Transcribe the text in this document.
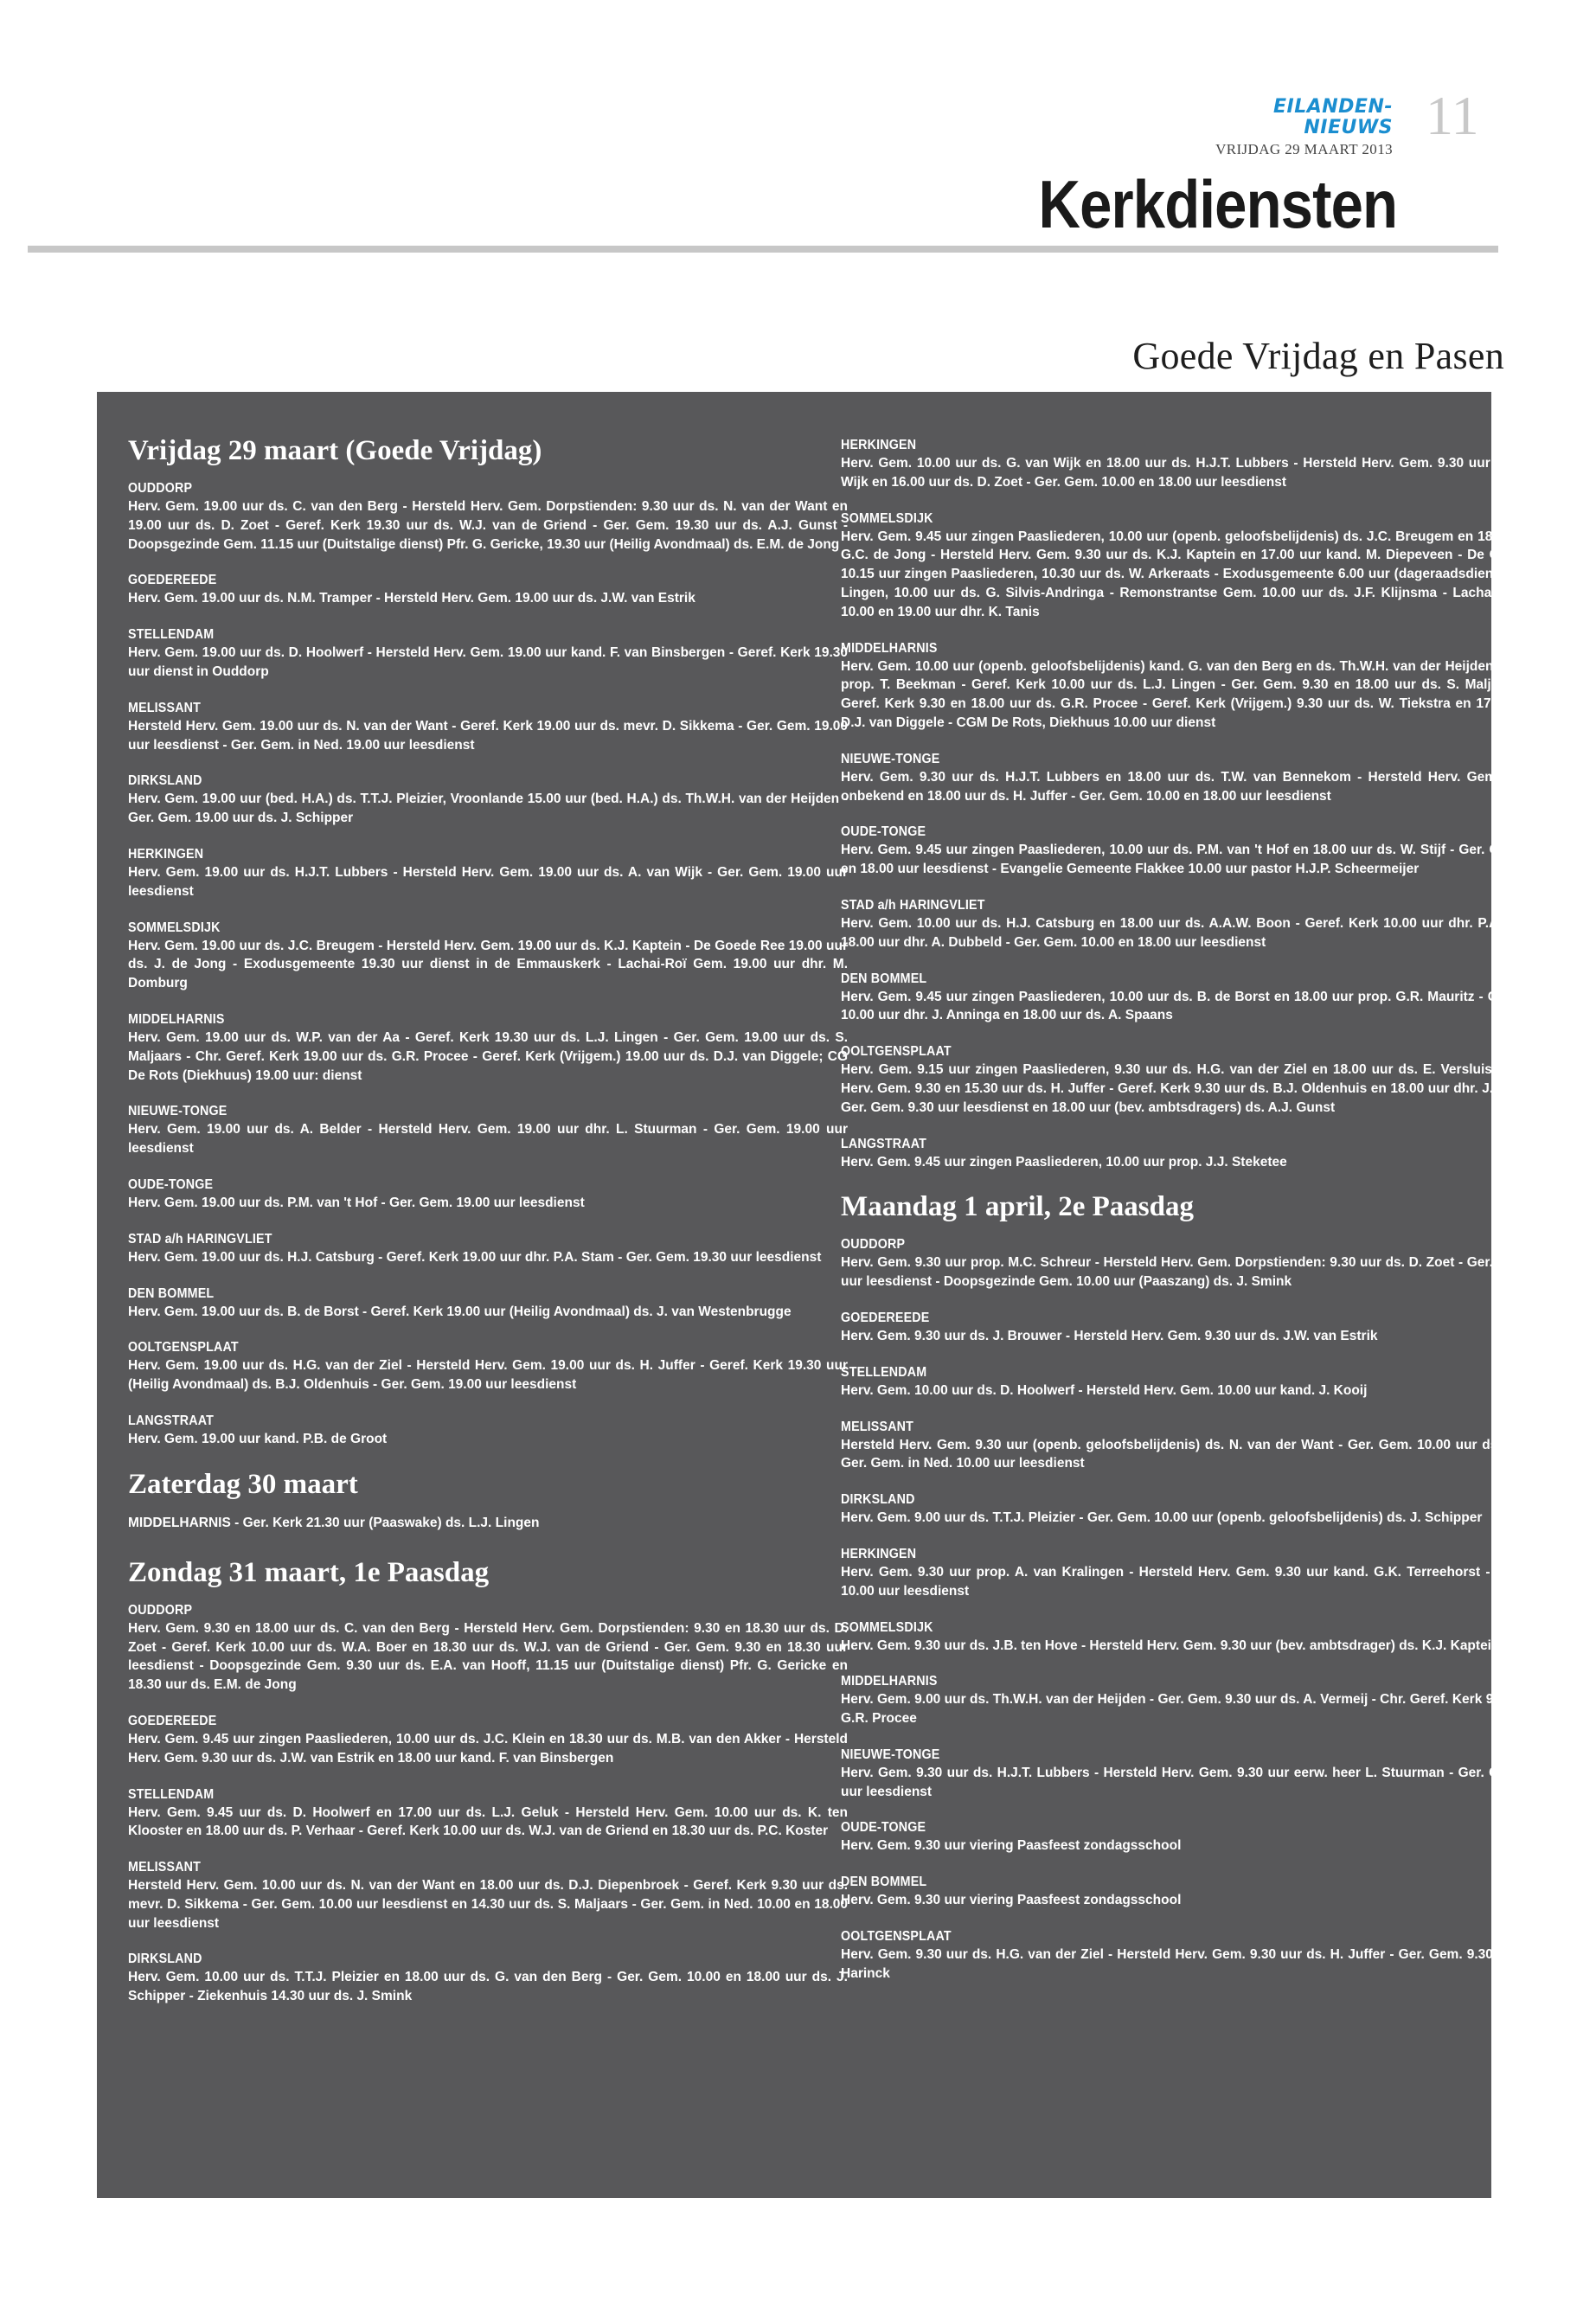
EILANDEN-NIEUWS
VRIJDAG 29 MAART 2013
11
Kerkdiensten
Goede Vrijdag en Pasen
Vrijdag 29 maart (Goede Vrijdag)
OUDDORP
Herv. Gem. 19.00 uur ds. C. van den Berg - Hersteld Herv. Gem. Dorpstienden: 9.30 uur ds. N. van der Want en 19.00 uur ds. D. Zoet - Geref. Kerk 19.30 uur ds. W.J. van de Griend - Ger. Gem. 19.30 uur ds. A.J. Gunst - Doopsgezinde Gem. 11.15 uur (Duitstalige dienst) Pfr. G. Gericke, 19.30 uur (Heilig Avondmaal) ds. E.M. de Jong
GOEDEREEDE
Herv. Gem. 19.00 uur ds. N.M. Tramper - Hersteld Herv. Gem. 19.00 uur ds. J.W. van Estrik
STELLENDAM
Herv. Gem. 19.00 uur ds. D. Hoolwerf - Hersteld Herv. Gem. 19.00 uur kand. F. van Binsbergen - Geref. Kerk 19.30 uur dienst in Ouddorp
MELISSANT
Hersteld Herv. Gem. 19.00 uur ds. N. van der Want - Geref. Kerk 19.00 uur ds. mevr. D. Sikkema - Ger. Gem. 19.00 uur leesdienst - Ger. Gem. in Ned. 19.00 uur leesdienst
DIRKSLAND
Herv. Gem. 19.00 uur (bed. H.A.) ds. T.T.J. Pleizier, Vroonlande 15.00 uur (bed. H.A.) ds. Th.W.H. van der Heijden - Ger. Gem. 19.00 uur ds. J. Schipper
HERKINGEN
Herv. Gem. 19.00 uur ds. H.J.T. Lubbers - Hersteld Herv. Gem. 19.00 uur ds. A. van Wijk - Ger. Gem. 19.00 uur leesdienst
SOMMELSDIJK
Herv. Gem. 19.00 uur ds. J.C. Breugem - Hersteld Herv. Gem. 19.00 uur ds. K.J. Kaptein - De Goede Ree 19.00 uur ds. J. de Jong - Exodusgemeente 19.30 uur dienst in de Emmauskerk - Lachai-Roï Gem. 19.00 uur dhr. M. Domburg
MIDDELHARNIS
Herv. Gem. 19.00 uur ds. W.P. van der Aa - Geref. Kerk 19.30 uur ds. L.J. Lingen - Ger. Gem. 19.00 uur ds. S. Maljaars - Chr. Geref. Kerk 19.00 uur ds. G.R. Procee - Geref. Kerk (Vrijgem.) 19.00 uur ds. D.J. van Diggele; CG De Rots (Diekhuus) 19.00 uur: dienst
NIEUWE-TONGE
Herv. Gem. 19.00 uur ds. A. Belder - Hersteld Herv. Gem. 19.00 uur dhr. L. Stuurman - Ger. Gem. 19.00 uur leesdienst
OUDE-TONGE
Herv. Gem. 19.00 uur ds. P.M. van 't Hof - Ger. Gem. 19.00 uur leesdienst
STAD a/h HARINGVLIET
Herv. Gem. 19.00 uur ds. H.J. Catsburg - Geref. Kerk 19.00 uur dhr. P.A. Stam - Ger. Gem. 19.30 uur leesdienst
DEN BOMMEL
Herv. Gem. 19.00 uur ds. B. de Borst - Geref. Kerk 19.00 uur (Heilig Avondmaal) ds. J. van Westenbrugge
OOLTGENSPLAAT
Herv. Gem. 19.00 uur ds. H.G. van der Ziel - Hersteld Herv. Gem. 19.00 uur ds. H. Juffer - Geref. Kerk 19.30 uur (Heilig Avondmaal) ds. B.J. Oldenhuis - Ger. Gem. 19.00 uur leesdienst
LANGSTRAAT
Herv. Gem. 19.00 uur kand. P.B. de Groot
Zaterdag 30 maart
MIDDELHARNIS - Ger. Kerk 21.30 uur (Paaswake) ds. L.J. Lingen
Zondag 31 maart, 1e Paasdag
OUDDORP
Herv. Gem. 9.30 en 18.00 uur ds. C. van den Berg - Hersteld Herv. Gem. Dorpstienden: 9.30 en 18.30 uur ds. D. Zoet - Geref. Kerk 10.00 uur ds. W.A. Boer en 18.30 uur ds. W.J. van de Griend - Ger. Gem. 9.30 en 18.30 uur leesdienst - Doopsgezinde Gem. 9.30 uur ds. E.A. van Hooff, 11.15 uur (Duitstalige dienst) Pfr. G. Gericke en 18.30 uur ds. E.M. de Jong
GOEDEREEDE
Herv. Gem. 9.45 uur zingen Paasliederen, 10.00 uur ds. J.C. Klein en 18.30 uur ds. M.B. van den Akker - Hersteld Herv. Gem. 9.30 uur ds. J.W. van Estrik en 18.00 uur kand. F. van Binsbergen
STELLENDAM
Herv. Gem. 9.45 uur ds. D. Hoolwerf en 17.00 uur ds. L.J. Geluk - Hersteld Herv. Gem. 10.00 uur ds. K. ten Klooster en 18.00 uur ds. P. Verhaar - Geref. Kerk 10.00 uur ds. W.J. van de Griend en 18.30 uur ds. P.C. Koster
MELISSANT
Hersteld Herv. Gem. 10.00 uur ds. N. van der Want en 18.00 uur ds. D.J. Diepenbroek - Geref. Kerk 9.30 uur ds. mevr. D. Sikkema - Ger. Gem. 10.00 uur leesdienst en 14.30 uur ds. S. Maljaars - Ger. Gem. in Ned. 10.00 en 18.00 uur leesdienst
DIRKSLAND
Herv. Gem. 10.00 uur ds. T.T.J. Pleizier en 18.00 uur ds. G. van den Berg - Ger. Gem. 10.00 en 18.00 uur ds. J. Schipper - Ziekenhuis 14.30 uur ds. J. Smink
HERKINGEN
Herv. Gem. 10.00 uur ds. G. van Wijk en 18.00 uur ds. H.J.T. Lubbers - Hersteld Herv. Gem. 9.30 uur ds. A. van Wijk en 16.00 uur ds. D. Zoet - Ger. Gem. 10.00 en 18.00 uur leesdienst
SOMMELSDIJK
Herv. Gem. 9.45 uur zingen Paasliederen, 10.00 uur (openb. geloofsbelijdenis) ds. J.C. Breugem en 18.00 uur ds. G.C. de Jong - Hersteld Herv. Gem. 9.30 uur ds. K.J. Kaptein en 17.00 uur kand. M. Diepeveen - De Goede Ree 10.15 uur zingen Paasliederen, 10.30 uur ds. W. Arkeraats - Exodusgemeente 6.00 uur (dageraadsdienst) ds. L.J. Lingen, 10.00 uur ds. G. Silvis-Andringa - Remonstrantse Gem. 10.00 uur ds. J.F. Klijnsma - Lachai-Roï Gem. 10.00 en 19.00 uur dhr. K. Tanis
MIDDELHARNIS
Herv. Gem. 10.00 uur (openb. geloofsbelijdenis) kand. G. van den Berg en ds. Th.W.H. van der Heijden, 18.00 uur prop. T. Beekman - Geref. Kerk 10.00 uur ds. L.J. Lingen - Ger. Gem. 9.30 en 18.00 uur ds. S. Maljaars - Chr. Geref. Kerk 9.30 en 18.00 uur ds. G.R. Procee - Geref. Kerk (Vrijgem.) 9.30 uur ds. W. Tiekstra en 17.00 uur ds. D.J. van Diggele - CGM De Rots, Diekhuus 10.00 uur dienst
NIEUWE-TONGE
Herv. Gem. 9.30 uur ds. H.J.T. Lubbers en 18.00 uur ds. T.W. van Bennekom - Hersteld Herv. Gem. 9.30 uur onbekend en 18.00 uur ds. H. Juffer - Ger. Gem. 10.00 en 18.00 uur leesdienst
OUDE-TONGE
Herv. Gem. 9.45 uur zingen Paasliederen, 10.00 uur ds. P.M. van 't Hof en 18.00 uur ds. W. Stijf - Ger. Gem. 10.00 en 18.00 uur leesdienst - Evangelie Gemeente Flakkee 10.00 uur pastor H.J.P. Scheermeijer
STAD a/h HARINGVLIET
Herv. Gem. 10.00 uur ds. H.J. Catsburg en 18.00 uur ds. A.A.W. Boon - Geref. Kerk 10.00 uur dhr. P.A. Stam en 18.00 uur dhr. A. Dubbeld - Ger. Gem. 10.00 en 18.00 uur leesdienst
DEN BOMMEL
Herv. Gem. 9.45 uur zingen Paasliederen, 10.00 uur ds. B. de Borst en 18.00 uur prop. G.R. Mauritz - Geref. Kerk 10.00 uur dhr. J. Anninga en 18.00 uur ds. A. Spaans
OOLTGENSPLAAT
Herv. Gem. 9.15 uur zingen Paasliederen, 9.30 uur ds. H.G. van der Ziel en 18.00 uur ds. E. Versluis - Hersteld Herv. Gem. 9.30 en 15.30 uur ds. H. Juffer - Geref. Kerk 9.30 uur ds. B.J. Oldenhuis en 18.00 uur dhr. J. Wietsma - Ger. Gem. 9.30 uur leesdienst en 18.00 uur (bev. ambtsdragers) ds. A.J. Gunst
LANGSTRAAT
Herv. Gem. 9.45 uur zingen Paasliederen, 10.00 uur prop. J.J. Steketee
Maandag 1 april, 2e Paasdag
OUDDORP
Herv. Gem. 9.30 uur prop. M.C. Schreur - Hersteld Herv. Gem. Dorpstienden: 9.30 uur ds. D. Zoet - Ger. Gem. 9.30 uur leesdienst - Doopsgezinde Gem. 10.00 uur (Paaszang) ds. J. Smink
GOEDEREEDE
Herv. Gem. 9.30 uur ds. J. Brouwer - Hersteld Herv. Gem. 9.30 uur ds. J.W. van Estrik
STELLENDAM
Herv. Gem. 10.00 uur ds. D. Hoolwerf - Hersteld Herv. Gem. 10.00 uur kand. J. Kooij
MELISSANT
Hersteld Herv. Gem. 9.30 uur (openb. geloofsbelijdenis) ds. N. van der Want - Ger. Gem. 10.00 uur ds. P. Blok - Ger. Gem. in Ned. 10.00 uur leesdienst
DIRKSLAND
Herv. Gem. 9.00 uur ds. T.T.J. Pleizier - Ger. Gem. 10.00 uur (openb. geloofsbelijdenis) ds. J. Schipper
HERKINGEN
Herv. Gem. 9.30 uur prop. A. van Kralingen - Hersteld Herv. Gem. 9.30 uur kand. G.K. Terreehorst - Ger. Gem. 10.00 uur leesdienst
SOMMELSDIJK
Herv. Gem. 9.30 uur ds. J.B. ten Hove - Hersteld Herv. Gem. 9.30 uur (bev. ambtsdrager) ds. K.J. Kaptein
MIDDELHARNIS
Herv. Gem. 9.00 uur ds. Th.W.H. van der Heijden - Ger. Gem. 9.30 uur ds. A. Vermeij - Chr. Geref. Kerk 9.30 uur ds. G.R. Procee
NIEUWE-TONGE
Herv. Gem. 9.30 uur ds. H.J.T. Lubbers - Hersteld Herv. Gem. 9.30 uur eerw. heer L. Stuurman - Ger. Gem. 10.00 uur leesdienst
OUDE-TONGE
Herv. Gem. 9.30 uur viering Paasfeest zondagsschool
DEN BOMMEL
Herv. Gem. 9.30 uur viering Paasfeest zondagsschool
OOLTGENSPLAAT
Herv. Gem. 9.30 uur ds. H.G. van der Ziel - Hersteld Herv. Gem. 9.30 uur ds. H. Juffer - Ger. Gem. 9.30 uur ds. C. Harinck
